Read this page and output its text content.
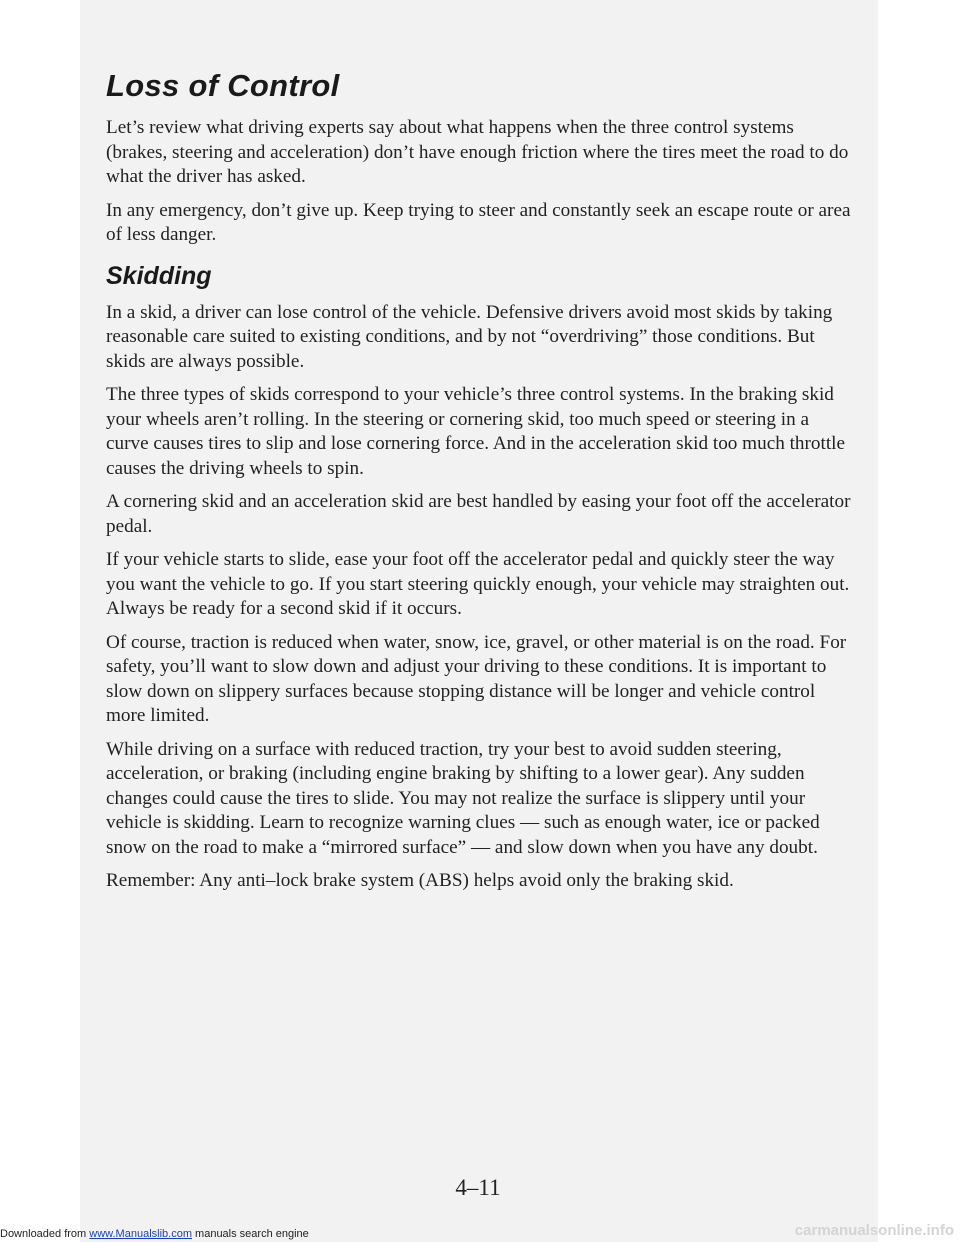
Loss of Control

Let’s review what driving experts say about what happens when the three control systems (brakes, steering and acceleration) don’t have enough friction where the tires meet the road to do what the driver has asked.

In any emergency, don’t give up. Keep trying to steer and constantly seek an escape route or area of less danger.

Skidding

In a skid, a driver can lose control of the vehicle. Defensive drivers avoid most skids by taking reasonable care suited to existing conditions, and by not “overdriving” those conditions. But skids are always possible.

The three types of skids correspond to your vehicle’s three control systems. In the braking skid your wheels aren’t rolling. In the steering or cornering skid, too much speed or steering in a curve causes tires to slip and lose cornering force. And in the acceleration skid too much throttle causes the driving wheels to spin.

A cornering skid and an acceleration skid are best handled by easing your foot off the accelerator pedal.

If your vehicle starts to slide, ease your foot off the accelerator pedal and quickly steer the way you want the vehicle to go. If you start steering quickly enough, your vehicle may straighten out. Always be ready for a second skid if it occurs.

Of course, traction is reduced when water, snow, ice, gravel, or other material is on the road. For safety, you’ll want to slow down and adjust your driving to these conditions. It is important to slow down on slippery surfaces because stopping distance will be longer and vehicle control more limited.

While driving on a surface with reduced traction, try your best to avoid sudden steering, acceleration, or braking (including engine braking by shifting to a lower gear). Any sudden changes could cause the tires to slide. You may not realize the surface is slippery until your vehicle is skidding. Learn to recognize warning clues — such as enough water, ice or packed snow on the road to make a “mirrored surface” — and slow down when you have any doubt.

Remember: Any anti–lock brake system (ABS) helps avoid only the braking skid.

4–11
Downloaded from www.Manualslib.com manuals search engine	carmanualsonline.info
